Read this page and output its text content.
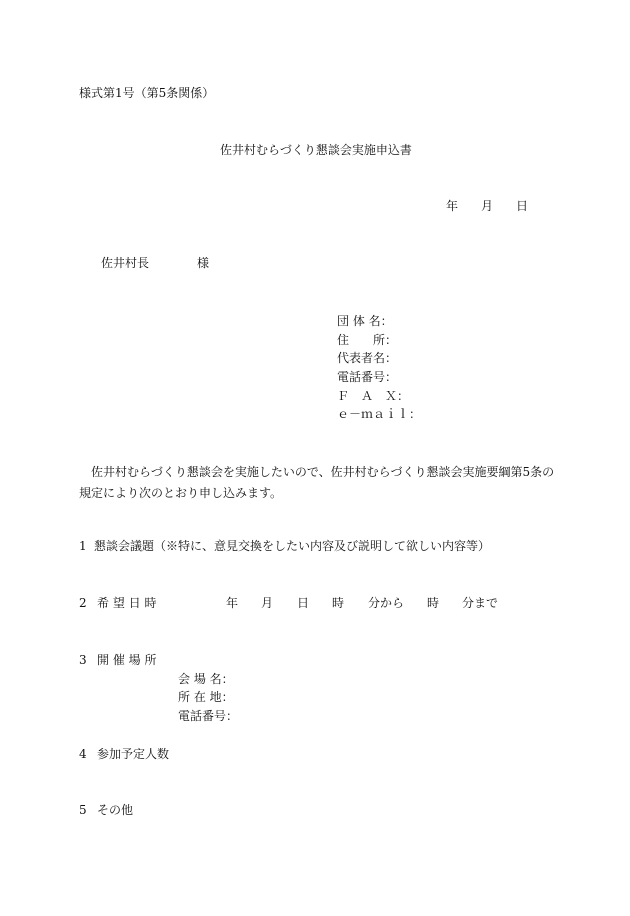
様式第1号（第5条関係）
佐井村むらづくり懇談会実施申込書
年 月 日
佐井村長	様
団 体 名：
住　　所：
代表者名：
電話番号：
Ｆ　Ａ　Ｘ：
ｅ－ｍａｉｌ：
　佐井村むらづくり懇談会を実施したいので、佐井村むらづくり懇談会実施要綱第5条の規定により次のとおり申し込みます。
1 懇談会議題（※特に、意見交換をしたい内容及び説明して欲しい内容等）
2 希 望 日 時	年 月 日 時 分から 時 分まで
3 開 催 場 所
会 場 名：
所 在 地：
電話番号：
4 参加予定人数
5 その他
